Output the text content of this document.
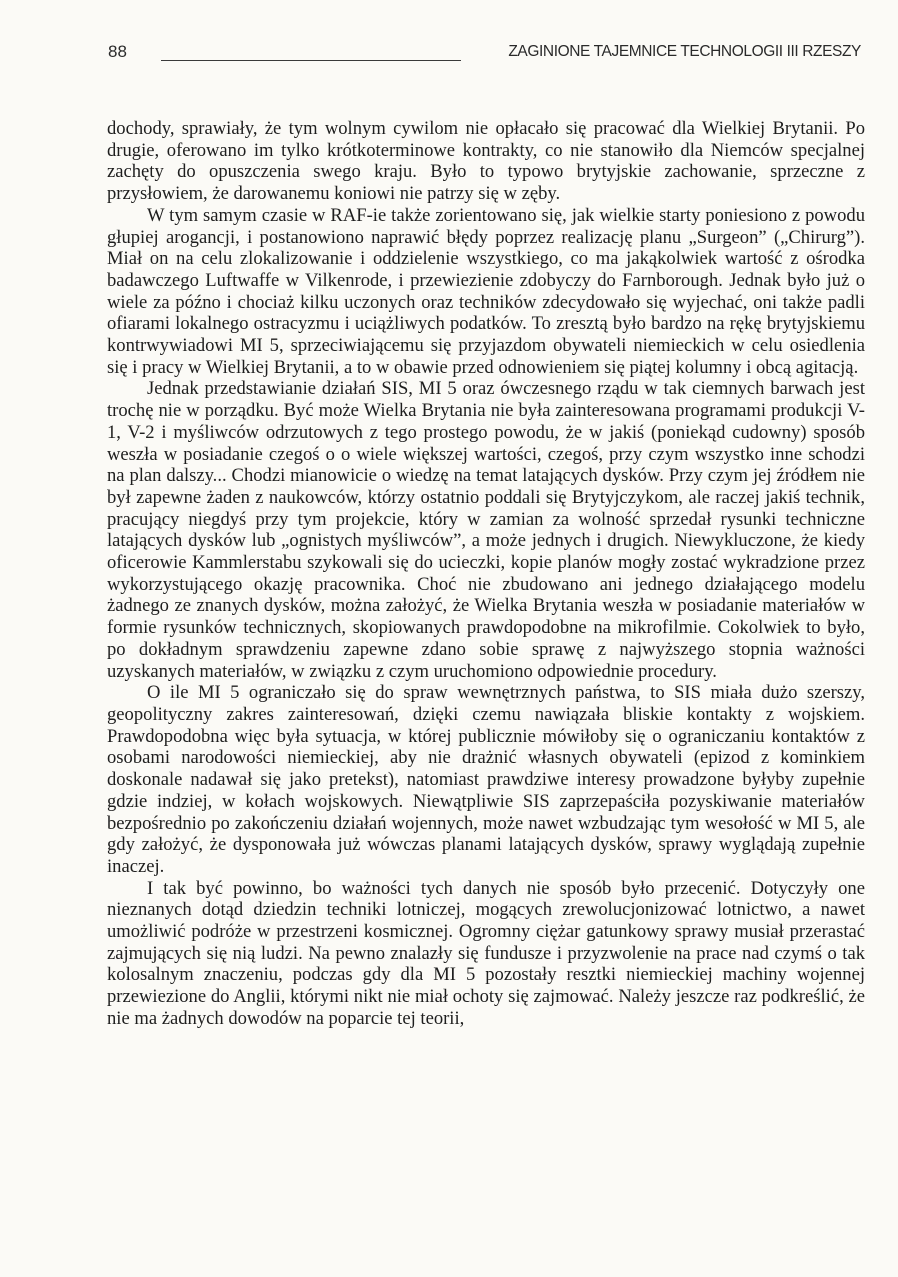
88	ZAGINIONE TAJEMNICE TECHNOLOGII III RZESZY

dochody, sprawiały, że tym wolnym cywilom nie opłacało się pracować dla Wielkiej Brytanii. Po drugie, oferowano im tylko krótkoterminowe kontrakty, co nie stanowiło dla Niemców specjalnej zachęty do opuszczenia swego kraju. Było to typowo brytyjskie zachowanie, sprzeczne z przysłowiem, że darowanemu koniowi nie patrzy się w zęby.

W tym samym czasie w RAF-ie także zorientowano się, jak wielkie starty poniesiono z powodu głupiej arogancji, i postanowiono naprawić błędy poprzez realizację planu „Surgeon” („Chirurg”). Miał on na celu zlokalizowanie i oddzielenie wszystkiego, co ma jakąkolwiek wartość z ośrodka badawczego Luftwaffe w Vilkenrode, i przewiezienie zdobyczy do Farnborough. Jednak było już o wiele za późno i chociaż kilku uczonych oraz techników zdecydowało się wyjechać, oni także padli ofiarami lokalnego ostracyzmu i uciążliwych podatków. To zresztą było bardzo na rękę brytyjskiemu kontrwywiadowi MI 5, sprzeciwiającemu się przyjazdom obywateli niemieckich w celu osiedlenia się i pracy w Wielkiej Brytanii, a to w obawie przed odnowieniem się piątej kolumny i obcą agitacją.

Jednak przedstawianie działań SIS, MI 5 oraz ówczesnego rządu w tak ciemnych barwach jest trochę nie w porządku. Być może Wielka Brytania nie była zainteresowana programami produkcji V-1, V-2 i myśliwców odrzutowych z tego prostego powodu, że w jakiś (poniekąd cudowny) sposób weszła w posiadanie czegoś o o wiele większej wartości, czegoś, przy czym wszystko inne schodzi na plan dalszy... Chodzi mianowicie o wiedzę na temat latających dysków. Przy czym jej źródłem nie był zapewne żaden z naukowców, którzy ostatnio poddali się Brytyjczykom, ale raczej jakiś technik, pracujący niegdyś przy tym projekcie, który w zamian za wolność sprzedał rysunki techniczne latających dysków lub „ognistych myśliwców”, a może jednych i drugich. Niewykluczone, że kiedy oficerowie Kammlerstabu szykowali się do ucieczki, kopie planów mogły zostać wykradzione przez wykorzystującego okazję pracownika. Choć nie zbudowano ani jednego działającego modelu żadnego ze znanych dysków, można założyć, że Wielka Brytania weszła w posiadanie materiałów w formie rysunków technicznych, skopiowanych prawdopodobne na mikrofilmie. Cokolwiek to było, po dokładnym sprawdzeniu zapewne zdano sobie sprawę z najwyższego stopnia ważności uzyskanych materiałów, w związku z czym uruchomiono odpowiednie procedury.

O ile MI 5 ograniczało się do spraw wewnętrznych państwa, to SIS miała dużo szerszy, geopolityczny zakres zainteresowań, dzięki czemu nawiązała bliskie kontakty z wojskiem. Prawdopodobna więc była sytuacja, w której publicznie mówiłoby się o ograniczaniu kontaktów z osobami narodowości niemieckiej, aby nie drażnić własnych obywateli (epizod z kominkiem doskonale nadawał się jako pretekst), natomiast prawdziwe interesy prowadzone byłyby zupełnie gdzie indziej, w kołach wojskowych. Niewątpliwie SIS zaprzepaściła pozyskiwanie materiałów bezpośrednio po zakończeniu działań wojennych, może nawet wzbudzając tym wesołość w MI 5, ale gdy założyć, że dysponowała już wówczas planami latających dysków, sprawy wyglądają zupełnie inaczej.

I tak być powinno, bo ważności tych danych nie sposób było przecenić. Dotyczyły one nieznanych dotąd dziedzin techniki lotniczej, mogących zrewolucjonizować lotnictwo, a nawet umożliwić podróże w przestrzeni kosmicznej. Ogromny ciężar gatunkowy sprawy musiał przerastać zajmujących się nią ludzi. Na pewno znalazły się fundusze i przyzwolenie na prace nad czymś o tak kolosalnym znaczeniu, podczas gdy dla MI 5 pozostały resztki niemieckiej machiny wojennej przewiezione do Anglii, którymi nikt nie miał ochoty się zajmować. Należy jeszcze raz podkreślić, że nie ma żadnych dowodów na poparcie tej teorii,
